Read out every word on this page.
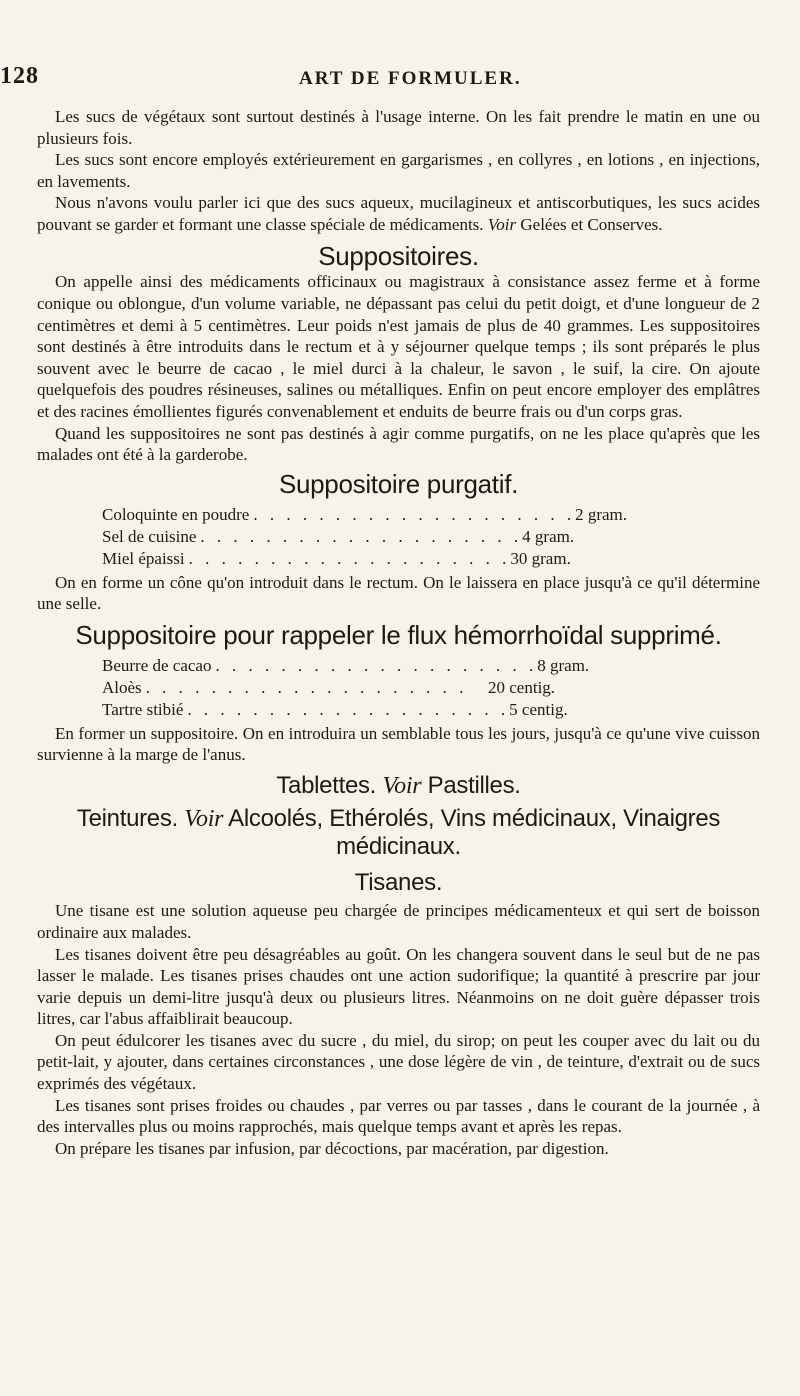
128	ART DE FORMULER.

Les sucs de végétaux sont surtout destinés à l'usage interne. On les fait prendre le matin en une ou plusieurs fois.

Les sucs sont encore employés extérieurement en gargarismes , en collyres , en lotions , en injections, en lavements.

Nous n'avons voulu parler ici que des sucs aqueux, mucilagineux et antiscorbutiques, les sucs acides pouvant se garder et formant une classe spéciale de médicaments. Voir Gelées et Conserves.

Suppositoires.

On appelle ainsi des médicaments officinaux ou magistraux à consistance assez ferme et à forme conique ou oblongue, d'un volume variable, ne dépassant pas celui du petit doigt, et d'une longueur de 2 centimètres et demi à 5 centimètres. Leur poids n'est jamais de plus de 40 grammes. Les suppositoires sont destinés à être introduits dans le rectum et à y séjourner quelque temps ; ils sont préparés le plus souvent avec le beurre de cacao , le miel durci à la chaleur, le savon , le suif, la cire. On ajoute quelquefois des poudres résineuses, salines ou métalliques. Enfin on peut encore employer des emplâtres et des racines émollientes figurés convenablement et enduits de beurre frais ou d'un corps gras.

Quand les suppositoires ne sont pas destinés à agir comme purgatifs, on ne les place qu'après que les malades ont été à la garderobe.

Suppositoire purgatif.
Coloquinte en poudre . . . . . . . . . . . . . . . . . . . . 2 gram.
Sel de cuisine . . . . . . . . . . . . . . . . . . . . 4 gram.
Miel épaissi . . . . . . . . . . . . . . . . . . . . 30 gram.

On en forme un cône qu'on introduit dans le rectum. On le laissera en place jusqu'à ce qu'il détermine une selle.

Suppositoire pour rappeler le flux hémorrhoïdal supprimé.
Beurre de cacao . . . . . . . . . . . . . . . . . . . . 8 gram.
Aloès . . . . . . . . . . . . . . . . . . . .	20 centig.
Tartre stibié . . . . . . . . . . . . . . . . . . . . 5 centig.

En former un suppositoire. On en introduira un semblable tous les jours, jusqu'à ce qu'une vive cuisson survienne à la marge de l'anus.

Tablettes. Voir Pastilles.
Teintures. Voir Alcoolés, Ethérolés, Vins médicinaux, Vinaigres médicinaux.
Tisanes.

Une tisane est une solution aqueuse peu chargée de principes médicamenteux et qui sert de boisson ordinaire aux malades.

Les tisanes doivent être peu désagréables au goût. On les changera souvent dans le seul but de ne pas lasser le malade. Les tisanes prises chaudes ont une action sudorifique; la quantité à prescrire par jour varie depuis un demi-litre jusqu'à deux ou plusieurs litres. Néanmoins on ne doit guère dépasser trois litres, car l'abus affaiblirait beaucoup.

On peut édulcorer les tisanes avec du sucre , du miel, du sirop; on peut les couper avec du lait ou du petit-lait, y ajouter, dans certaines circonstances , une dose légère de vin , de teinture, d'extrait ou de sucs exprimés des végétaux.

Les tisanes sont prises froides ou chaudes , par verres ou par tasses , dans le courant de la journée , à des intervalles plus ou moins rapprochés, mais quelque temps avant et après les repas.

On prépare les tisanes par infusion, par décoctions, par macération, par digestion.
